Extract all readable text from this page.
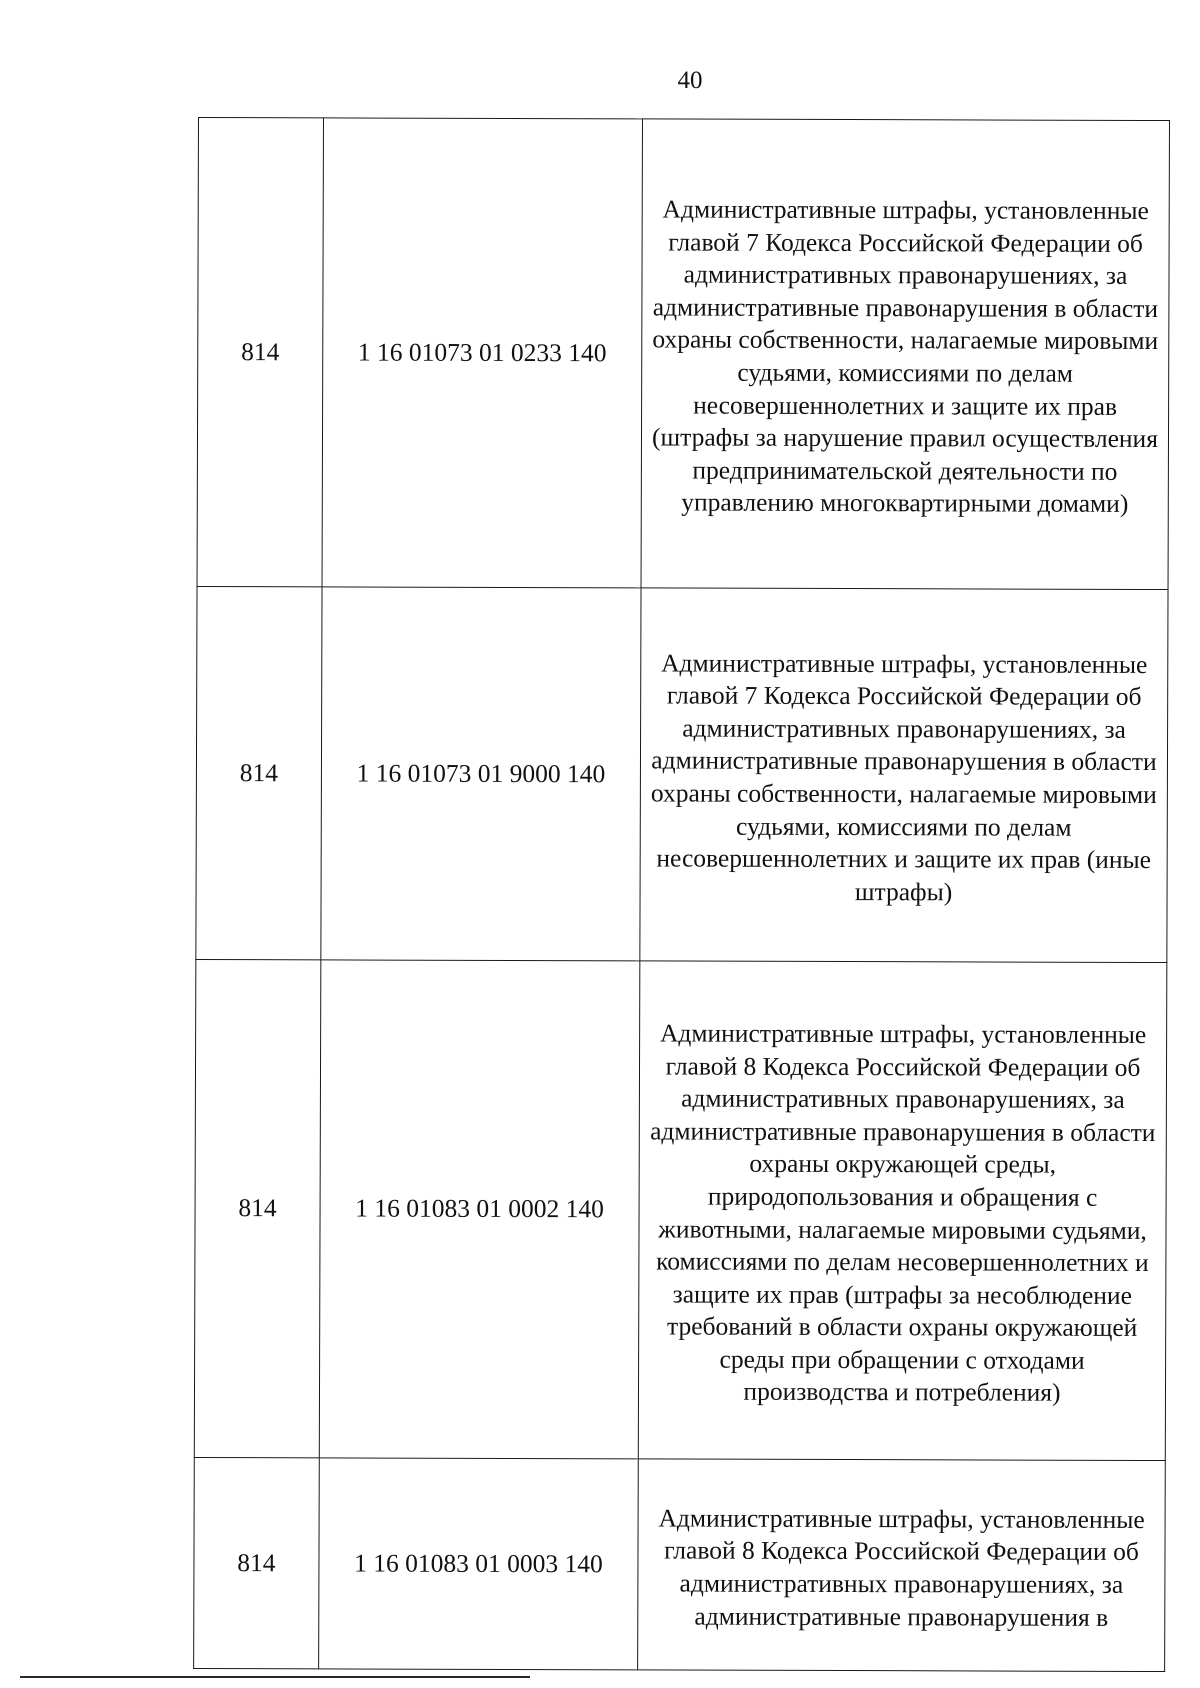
40
814	1 16 01073 01 0233 140	Административные штрафы, установленные главой 7 Кодекса Российской Федерации об административных правонарушениях, за административные правонарушения в области охраны собственности, налагаемые мировыми судьями, комиссиями по делам несовершеннолетних и защите их прав (штрафы за нарушение правил осуществления предпринимательской деятельности по управлению многоквартирными домами)

814	1 16 01073 01 9000 140	Административные штрафы, установленные главой 7 Кодекса Российской Федерации об административных правонарушениях, за административные правонарушения в области охраны собственности, налагаемые мировыми судьями, комиссиями по делам несовершеннолетних и защите их прав (иные штрафы)

814	1 16 01083 01 0002 140	Административные штрафы, установленные главой 8 Кодекса Российской Федерации об административных правонарушениях, за административные правонарушения в области охраны окружающей среды, природопользования и обращения с животными, налагаемые мировыми судьями, комиссиями по делам несовершеннолетних и защите их прав (штрафы за несоблюдение требований в области охраны окружающей среды при обращении с отходами производства и потребления)

814	1 16 01083 01 0003 140	Административные штрафы, установленные главой 8 Кодекса Российской Федерации об административных правонарушениях, за административные правонарушения в
